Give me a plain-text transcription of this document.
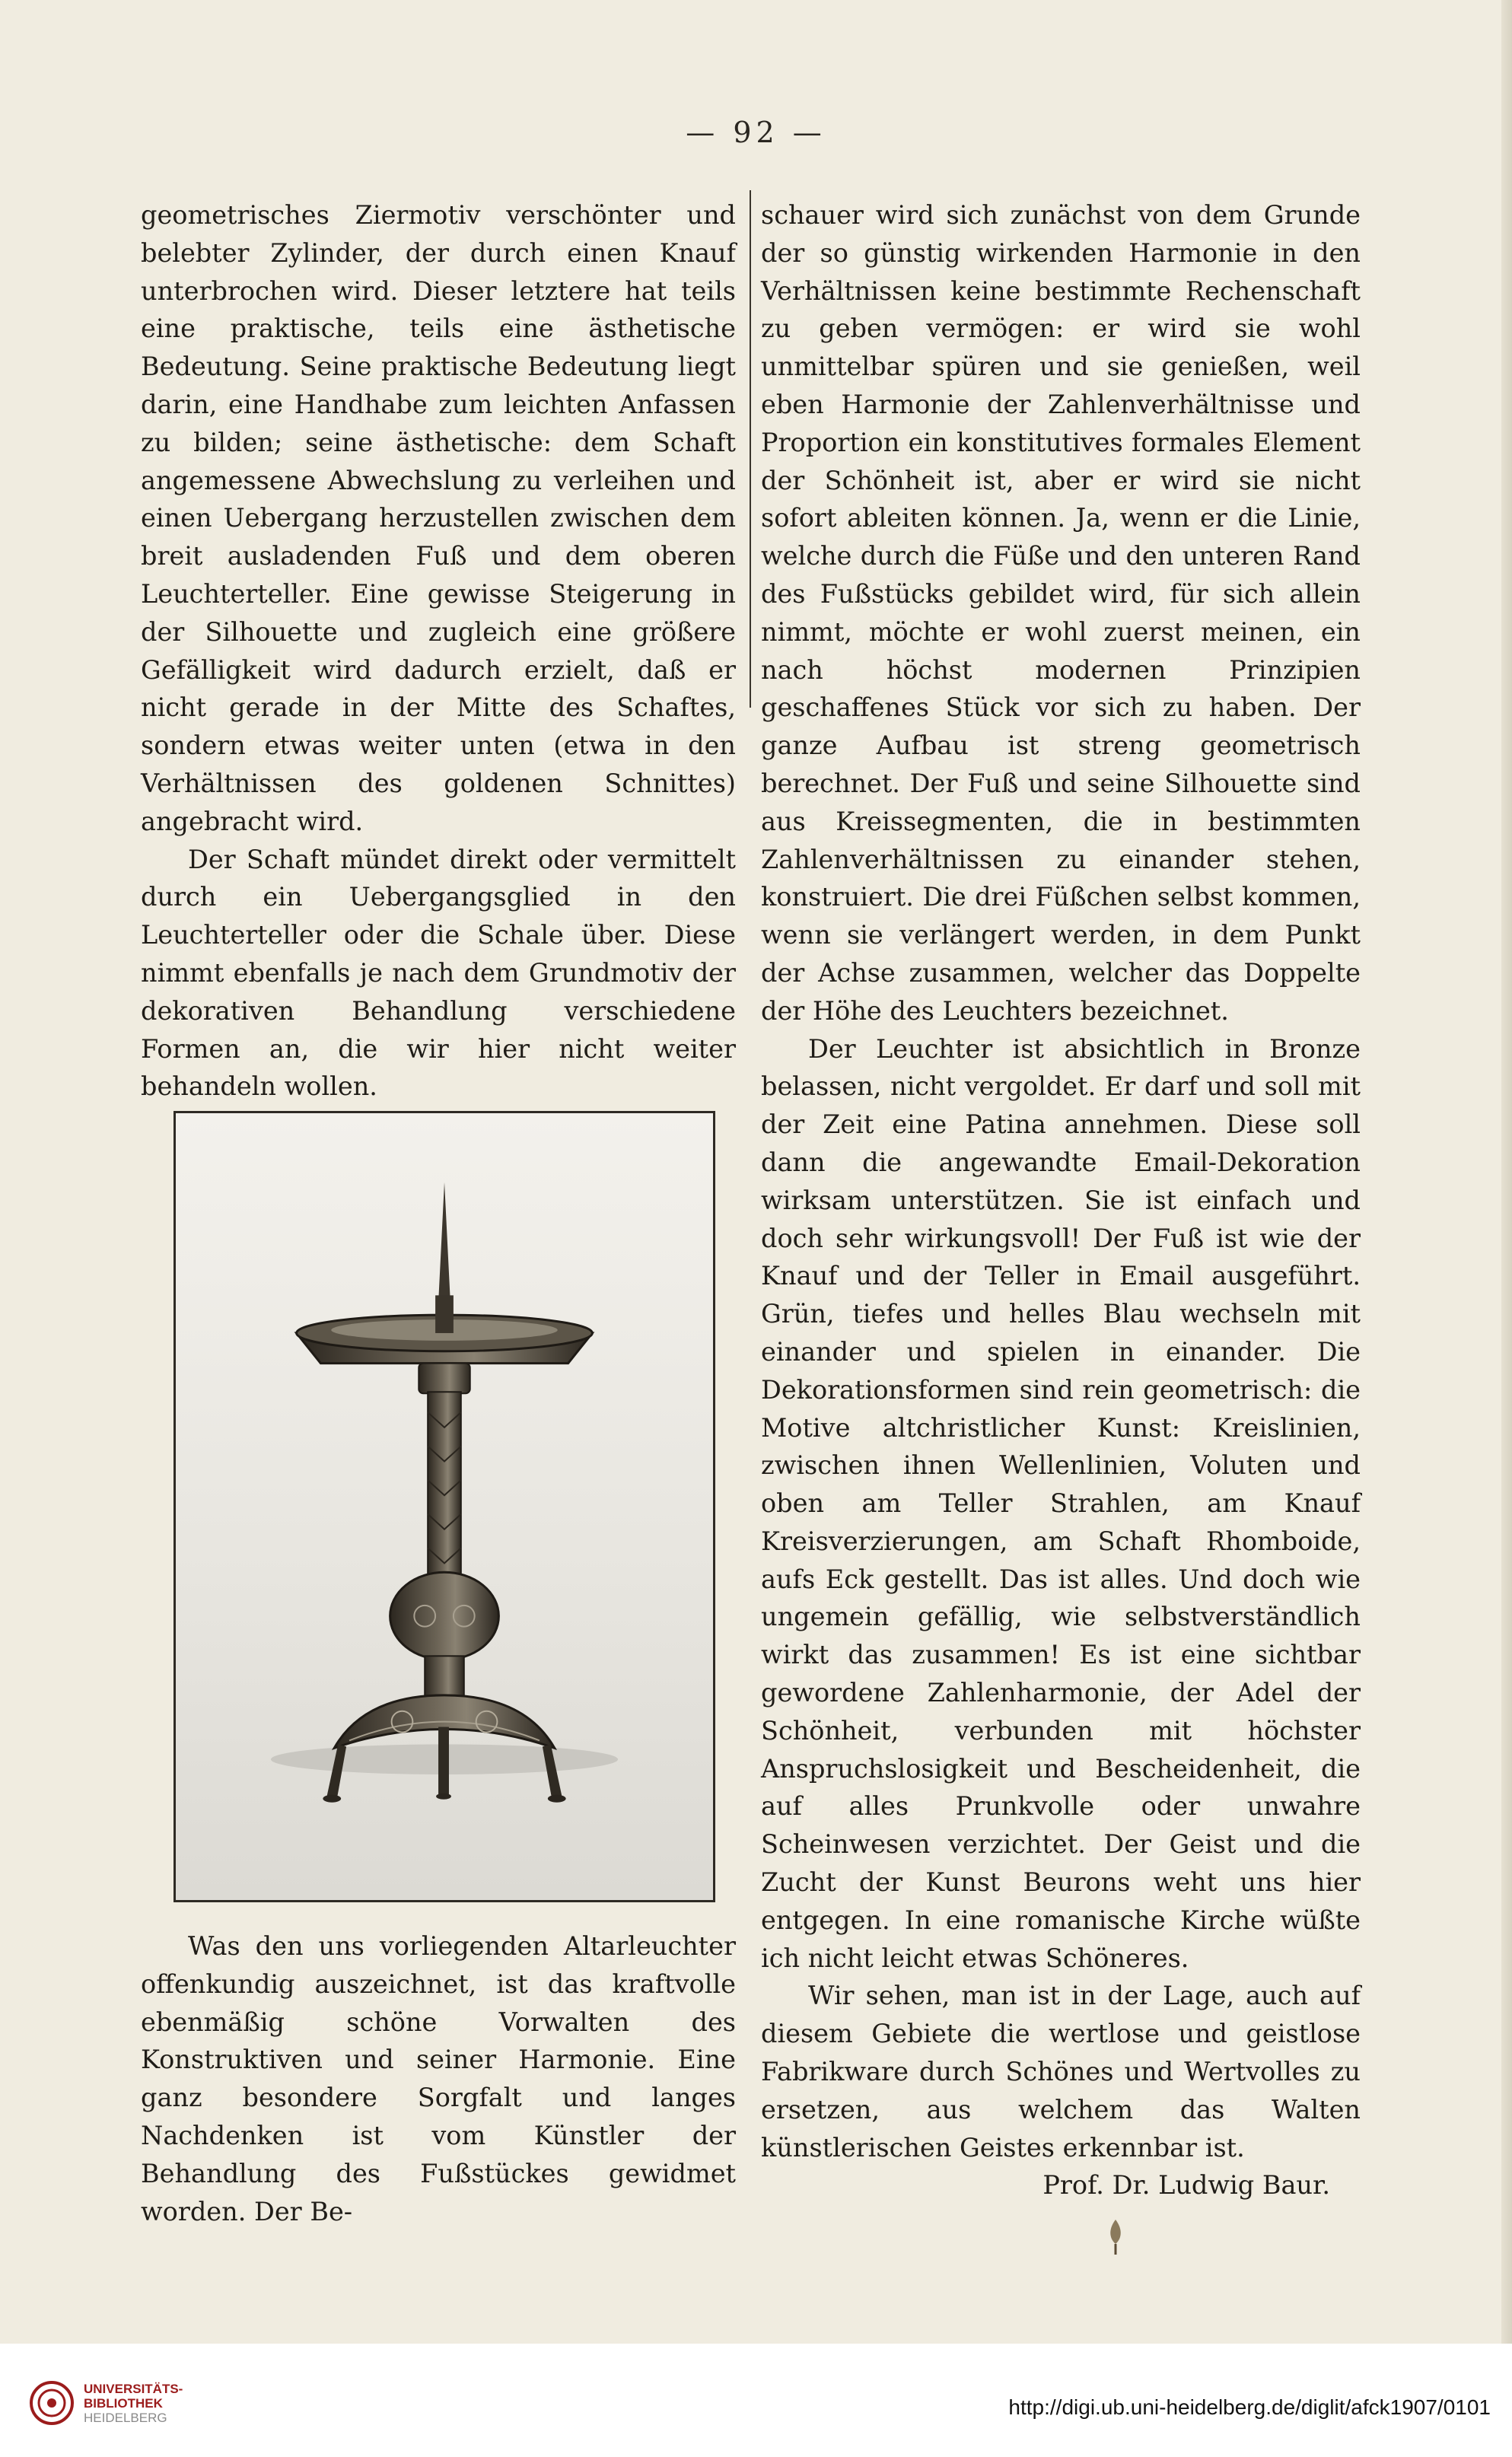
— 92 —

geometrisches Ziermotiv verschönter und belebter Zylinder, der durch einen Knauf unterbrochen wird. Dieser letztere hat teils eine praktische, teils eine ästhetische Bedeutung. Seine praktische Bedeutung liegt darin, eine Handhabe zum leichten Anfassen zu bilden; seine ästhetische: dem Schaft angemessene Abwechslung zu verleihen und einen Uebergang herzustellen zwischen dem breit ausladenden Fuß und dem oberen Leuchterteller. Eine gewisse Steigerung in der Silhouette und zugleich eine größere Gefälligkeit wird dadurch erzielt, daß er nicht gerade in der Mitte des Schaftes, sondern etwas weiter unten (etwa in den Verhältnissen des goldenen Schnittes) angebracht wird.

Der Schaft mündet direkt oder vermittelt durch ein Uebergangsglied in den Leuchterteller oder die Schale über. Diese nimmt ebenfalls je nach dem Grundmotiv der dekorativen Behandlung verschiedene Formen an, die wir hier nicht weiter behandeln wollen.

Was den uns vorliegenden Altarleuchter offenkundig auszeichnet, ist das kraftvolle ebenmäßig schöne Vorwalten des Konstruktiven und seiner Harmonie. Eine ganz besondere Sorgfalt und langes Nachdenken ist vom Künstler der Behandlung des Fußstückes gewidmet worden. Der Be-

schauer wird sich zunächst von dem Grunde der so günstig wirkenden Harmonie in den Verhältnissen keine bestimmte Rechenschaft zu geben vermögen: er wird sie wohl unmittelbar spüren und sie genießen, weil eben Harmonie der Zahlenverhältnisse und Proportion ein konstitutives formales Element der Schönheit ist, aber er wird sie nicht sofort ableiten können. Ja, wenn er die Linie, welche durch die Füße und den unteren Rand des Fußstücks gebildet wird, für sich allein nimmt, möchte er wohl zuerst meinen, ein nach höchst modernen Prinzipien geschaffenes Stück vor sich zu haben. Der ganze Aufbau ist streng geometrisch berechnet. Der Fuß und seine Silhouette sind aus Kreissegmenten, die in bestimmten Zahlenverhältnissen zu einander stehen, konstruiert. Die drei Füßchen selbst kommen, wenn sie verlängert werden, in dem Punkt der Achse zusammen, welcher das Doppelte der Höhe des Leuchters bezeichnet.

Der Leuchter ist absichtlich in Bronze belassen, nicht vergoldet. Er darf und soll mit der Zeit eine Patina annehmen. Diese soll dann die angewandte Email-Dekoration wirksam unterstützen. Sie ist einfach und doch sehr wirkungsvoll! Der Fuß ist wie der Knauf und der Teller in Email ausgeführt. Grün, tiefes und helles Blau wechseln mit einander und spielen in einander. Die Dekorationsformen sind rein geometrisch: die Motive altchristlicher Kunst: Kreislinien, zwischen ihnen Wellenlinien, Voluten und oben am Teller Strahlen, am Knauf Kreisverzierungen, am Schaft Rhomboide, aufs Eck gestellt. Das ist alles. Und doch wie ungemein gefällig, wie selbstverständlich wirkt das zusammen! Es ist eine sichtbar gewordene Zahlenharmonie, der Adel der Schönheit, verbunden mit höchster Anspruchslosigkeit und Bescheidenheit, die auf alles Prunkvolle oder unwahre Scheinwesen verzichtet. Der Geist und die Zucht der Kunst Beurons weht uns hier entgegen. In eine romanische Kirche wüßte ich nicht leicht etwas Schöneres.

Wir sehen, man ist in der Lage, auch auf diesem Gebiete die wertlose und geistlose Fabrikware durch Schönes und Wertvolles zu ersetzen, aus welchem das Walten künstlerischen Geistes erkennbar ist.

Prof. Dr. Ludwig Baur.

UNIVERSITÄTS-
BIBLIOTHEK
HEIDELBERG	http://digi.ub.uni-heidelberg.de/diglit/afck1907/0101
